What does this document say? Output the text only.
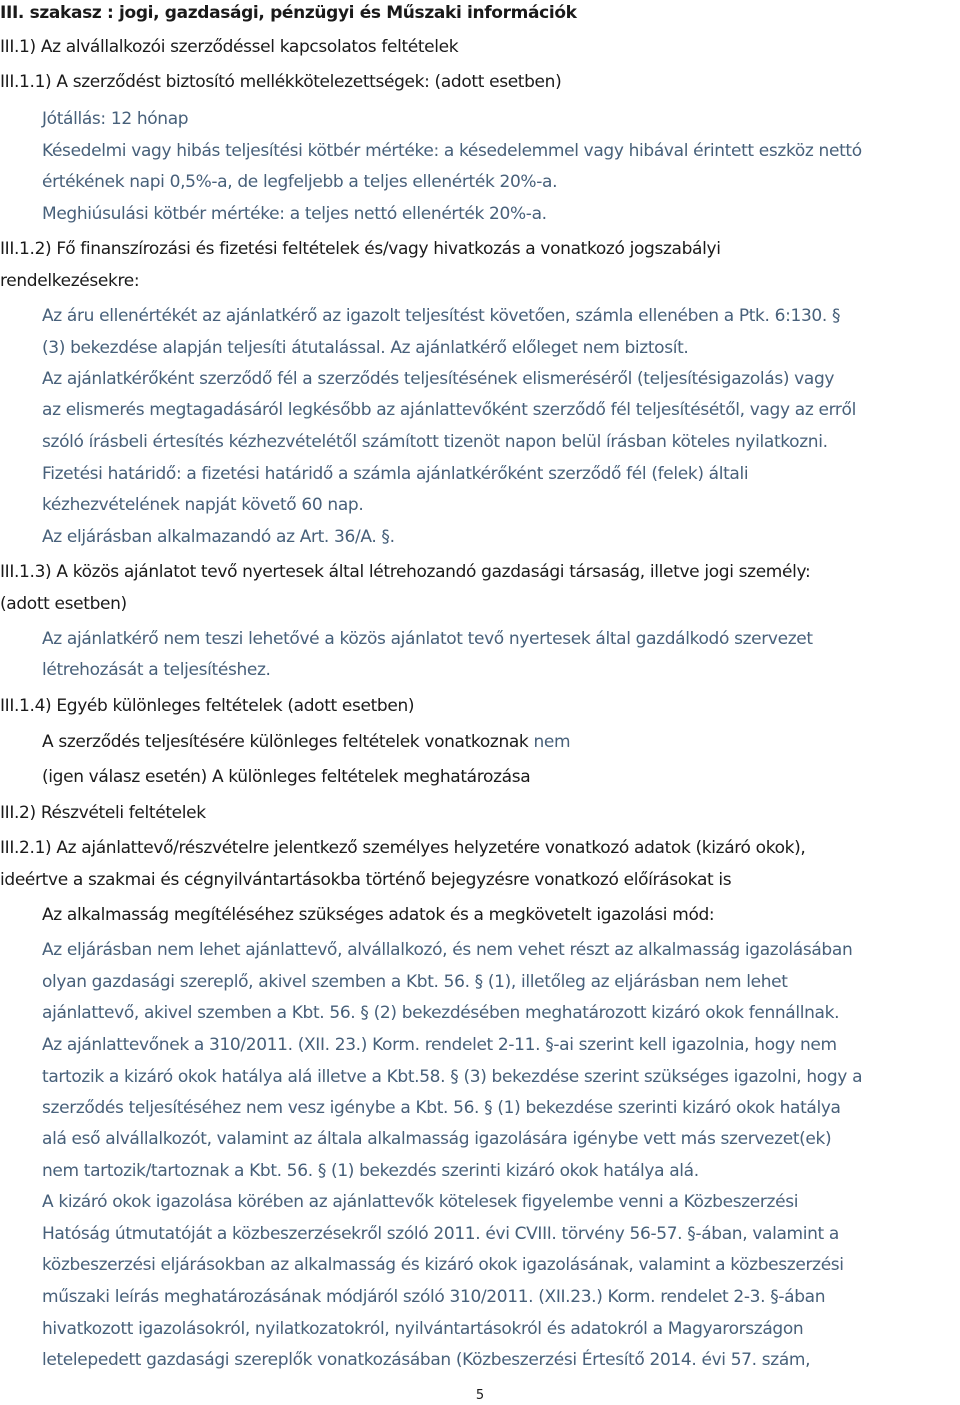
III. szakasz : jogi, gazdasági, pénzügyi és Műszaki információk
III.1) Az alvállalkozói szerződéssel kapcsolatos feltételek
III.1.1) A szerződést biztosító mellékkötelezettségek: (adott esetben)
Jótállás: 12 hónap
Késedelmi vagy hibás teljesítési kötbér mértéke: a késedelemmel vagy hibával érintett eszköz nettó
értékének napi 0,5%-a, de legfeljebb a teljes ellenérték 20%-a.
Meghiúsulási kötbér mértéke: a teljes nettó ellenérték 20%-a.
III.1.2) Fő finanszírozási és fizetési feltételek és/vagy hivatkozás a vonatkozó jogszabályi
rendelkezésekre:
Az áru ellenértékét az ajánlatkérő az igazolt teljesítést követően, számla ellenében a Ptk. 6:130. §
(3) bekezdése alapján teljesíti átutalással. Az ajánlatkérő előleget nem biztosít.
Az ajánlatkérőként szerződő fél a szerződés teljesítésének elismeréséről (teljesítésigazolás) vagy
az elismerés megtagadásáról legkésőbb az ajánlattevőként szerződő fél teljesítésétől, vagy az erről
szóló írásbeli értesítés kézhezvételétől számított tizenöt napon belül írásban köteles nyilatkozni.
Fizetési határidő: a fizetési határidő a számla ajánlatkérőként szerződő fél (felek) általi
kézhezvételének napját követő 60 nap.
Az eljárásban alkalmazandó az Art. 36/A. §.
III.1.3) A közös ajánlatot tevő nyertesek által létrehozandó gazdasági társaság, illetve jogi személy:
(adott esetben)
Az ajánlatkérő nem teszi lehetővé a közös ajánlatot tevő nyertesek által gazdálkodó szervezet
létrehozását a teljesítéshez.
III.1.4) Egyéb különleges feltételek (adott esetben)
A szerződés teljesítésére különleges feltételek vonatkoznak nem
(igen válasz esetén) A különleges feltételek meghatározása
III.2) Részvételi feltételek
III.2.1) Az ajánlattevő/részvételre jelentkező személyes helyzetére vonatkozó adatok (kizáró okok),
ideértve a szakmai és cégnyilvántartásokba történő bejegyzésre vonatkozó előírásokat is
Az alkalmasság megítéléséhez szükséges adatok és a megkövetelt igazolási mód:
Az eljárásban nem lehet ajánlattevő, alvállalkozó, és nem vehet részt az alkalmasság igazolásában
olyan gazdasági szereplő, akivel szemben a Kbt. 56. § (1), illetőleg az eljárásban nem lehet
ajánlattevő, akivel szemben a Kbt. 56. § (2) bekezdésében meghatározott kizáró okok fennállnak.
Az ajánlattevőnek a 310/2011. (XII. 23.) Korm. rendelet 2-11. §-ai szerint kell igazolnia, hogy nem
tartozik a kizáró okok hatálya alá illetve a Kbt.58. § (3) bekezdése szerint szükséges igazolni, hogy a
szerződés teljesítéséhez nem vesz igénybe a Kbt. 56. § (1) bekezdése szerinti kizáró okok hatálya
alá eső alvállalkozót, valamint az általa alkalmasság igazolására igénybe vett más szervezet(ek)
nem tartozik/tartoznak a Kbt. 56. § (1) bekezdés szerinti kizáró okok hatálya alá.
A kizáró okok igazolása körében az ajánlattevők kötelesek figyelembe venni a Közbeszerzési
Hatóság útmutatóját a közbeszerzésekről szóló 2011. évi CVIII. törvény 56-57. §-ában, valamint a
közbeszerzési eljárásokban az alkalmasság és kizáró okok igazolásának, valamint a közbeszerzési
műszaki leírás meghatározásának módjáról szóló 310/2011. (XII.23.) Korm. rendelet 2-3. §-ában
hivatkozott igazolásokról, nyilatkozatokról, nyilvántartásokról és adatokról a Magyarországon
letelepedett gazdasági szereplők vonatkozásában (Közbeszerzési Értesítő 2014. évi 57. szám,
5
